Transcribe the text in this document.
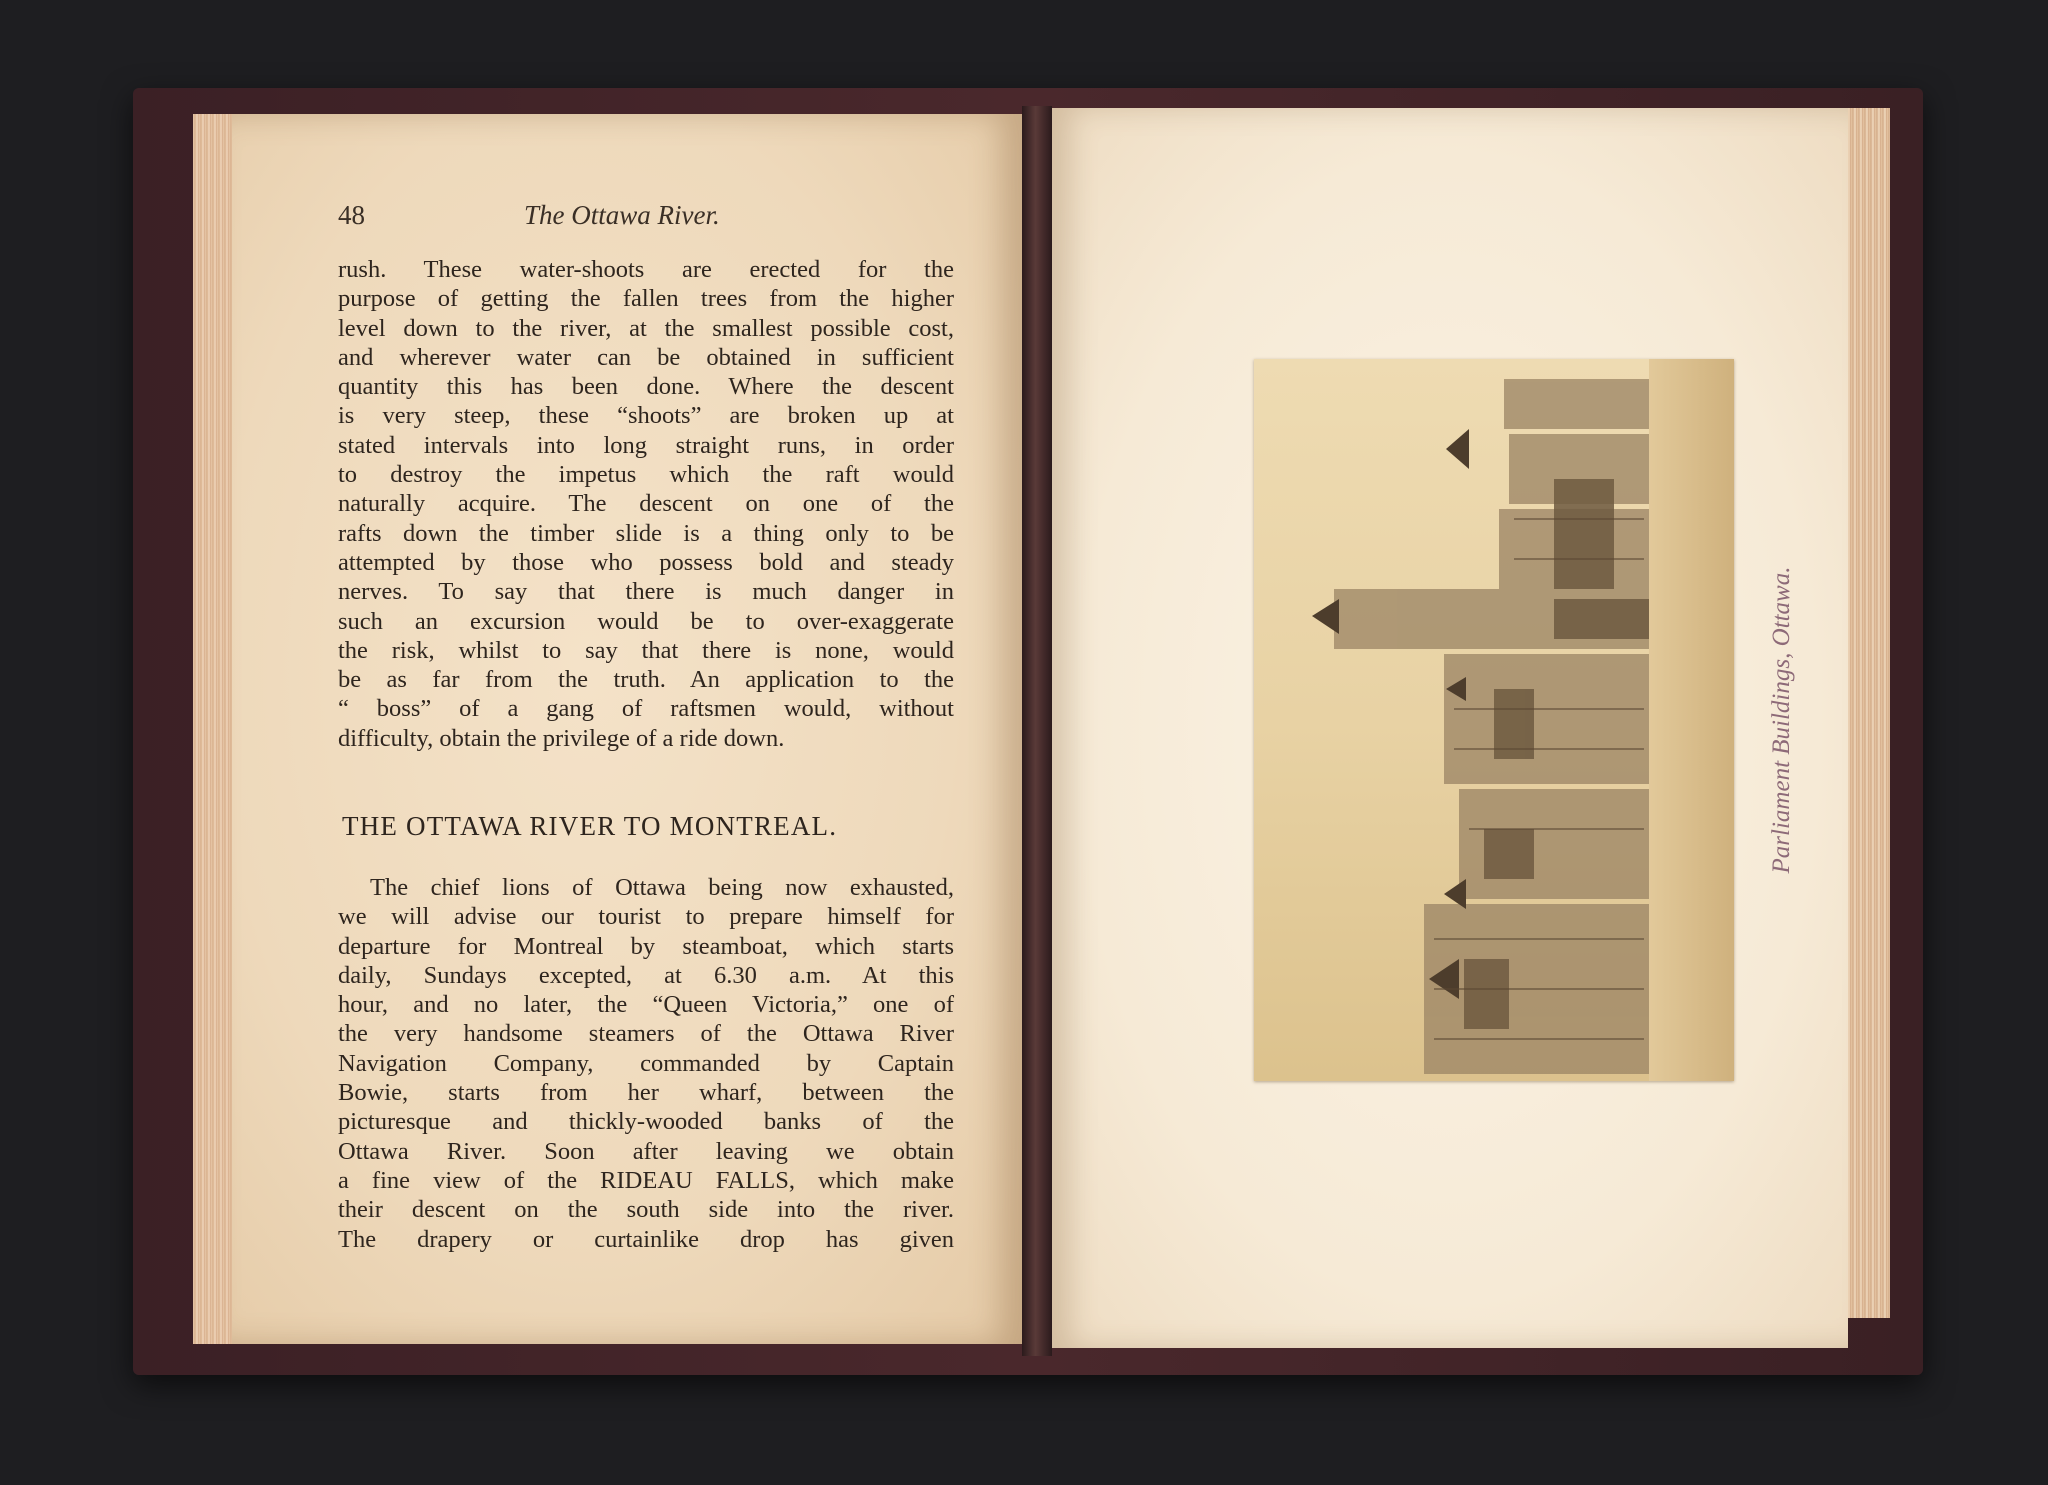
48	The Ottawa River.
rush. These water-shoots are erected for the
purpose of getting the fallen trees from the higher
level down to the river, at the smallest possible cost,
and wherever water can be obtained in sufficient
quantity this has been done. Where the descent
is very steep, these “shoots” are broken up at
stated intervals into long straight runs, in order
to destroy the impetus which the raft would
naturally acquire. The descent on one of the
rafts down the timber slide is a thing only to be
attempted by those who possess bold and steady
nerves. To say that there is much danger in
such an excursion would be to over-exaggerate
the risk, whilst to say that there is none, would
be as far from the truth. An application to the
“ boss” of a gang of raftsmen would, without
difficulty, obtain the privilege of a ride down.
THE OTTAWA RIVER TO MONTREAL.
The chief lions of Ottawa being now exhausted,
we will advise our tourist to prepare himself for
departure for Montreal by steamboat, which starts
daily, Sundays excepted, at 6.30 a.m. At this
hour, and no later, the “Queen Victoria,” one of
the very handsome steamers of the Ottawa River
Navigation Company, commanded by Captain
Bowie, starts from her wharf, between the
picturesque and thickly-wooded banks of the
Ottawa River. Soon after leaving we obtain
a fine view of the RIDEAU FALLS, which make
their descent on the south side into the river.
The drapery or curtainlike drop has given
Parliament Buildings, Ottawa.
